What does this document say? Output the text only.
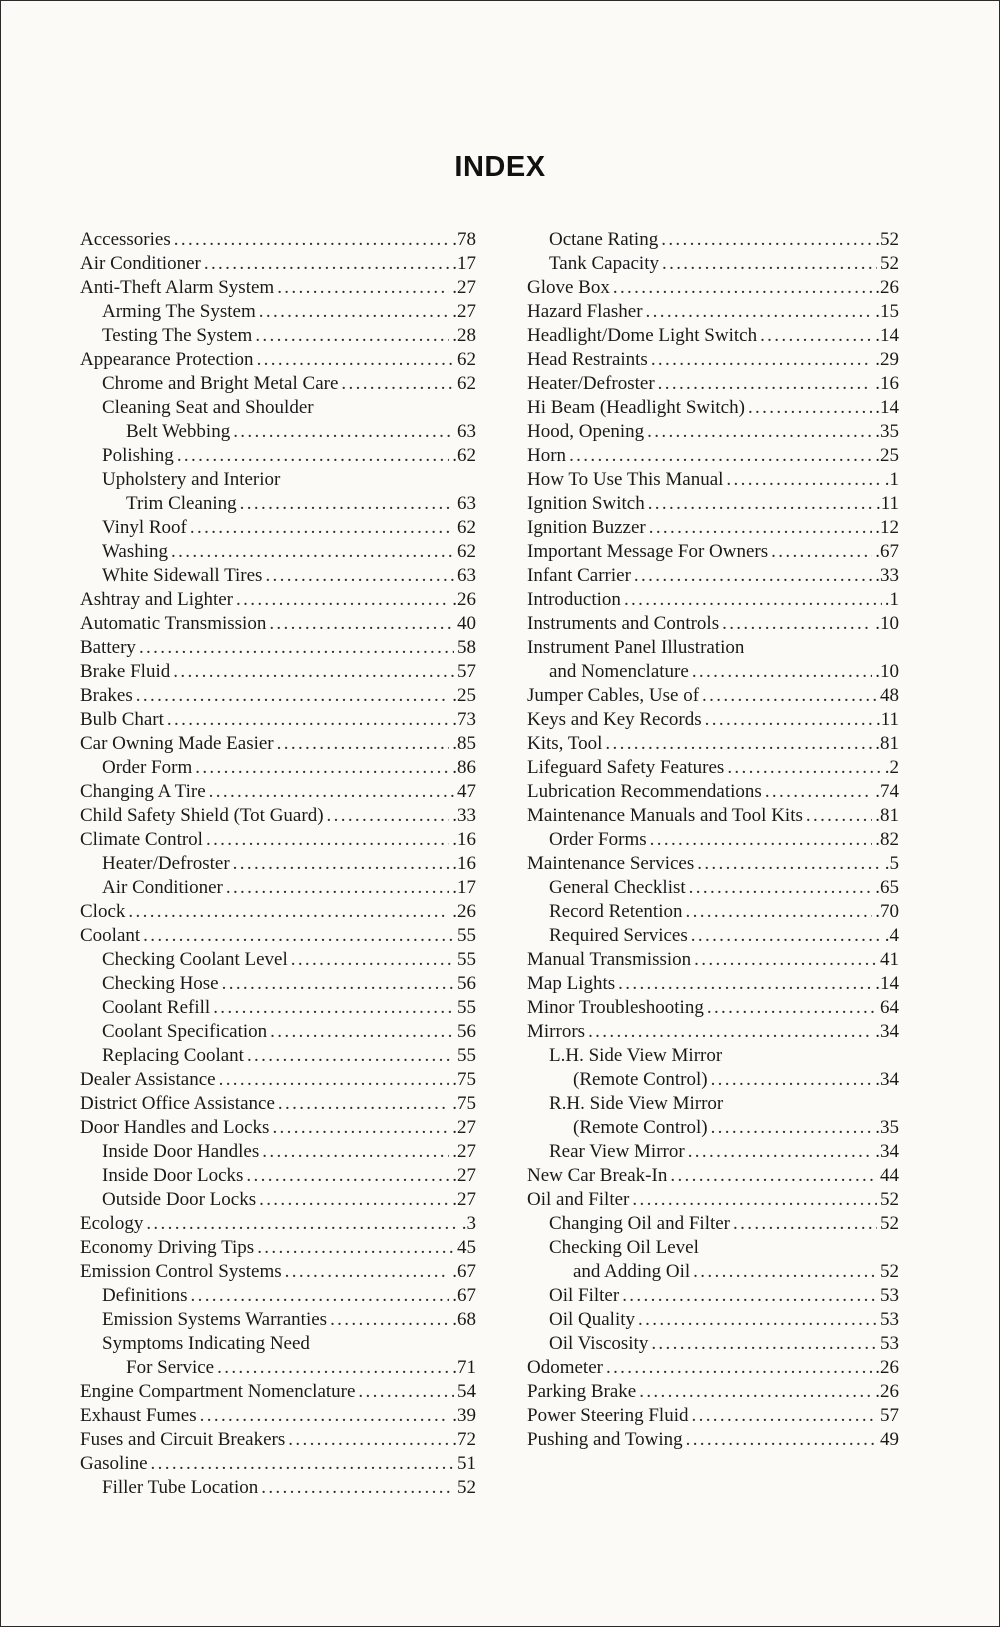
INDEX
Accessories . . .	.78
Air Conditioner . . .	.17
Anti-Theft Alarm System . . .	.27
Arming The System . . .	.27
Testing The System . . .	.28
Appearance Protection . . .	62
Chrome and Bright Metal Care . . .	62
Cleaning Seat and Shoulder
Belt Webbing . . .	63
Polishing . . .	.62
Upholstery and Interior
Trim Cleaning . . .	63
Vinyl Roof . . .	62
Washing . . .	62
White Sidewall Tires . . .	63
Ashtray and Lighter . . .	.26
Automatic Transmission . . .	40
Battery . . .	58
Brake Fluid . . .	57
Brakes . . .	.25
Bulb Chart . . .	.73
Car Owning Made Easier . . .	.85
Order Form . . .	.86
Changing A Tire . . .	47
Child Safety Shield (Tot Guard) . . .	.33
Climate Control . . .	.16
Heater/Defroster . . .	.16
Air Conditioner . . .	.17
Clock . . .	.26
Coolant . . .	55
Checking Coolant Level . . .	55
Checking Hose . . .	56
Coolant Refill . . .	55
Coolant Specification . . .	56
Replacing Coolant . . .	55
Dealer Assistance . . .	.75
District Office Assistance . . .	.75
Door Handles and Locks . . .	.27
Inside Door Handles . . .	.27
Inside Door Locks . . .	.27
Outside Door Locks . . .	.27
Ecology . . .	.3
Economy Driving Tips . . .	45
Emission Control Systems . . .	.67
Definitions . . .	.67
Emission Systems Warranties . . .	.68
Symptoms Indicating Need
For Service . . .	.71
Engine Compartment Nomenclature . . .	54
Exhaust Fumes . . .	.39
Fuses and Circuit Breakers . . .	.72
Gasoline . . .	51
Filler Tube Location . . .	52
Octane Rating . . .	.52
Tank Capacity . . .	52
Glove Box . . .	.26
Hazard Flasher . . .	.15
Headlight/Dome Light Switch . . .	.14
Head Restraints . . .	.29
Heater/Defroster . . .	.16
Hi Beam (Headlight Switch) . . .	.14
Hood, Opening . . .	.35
Horn . . .	.25
How To Use This Manual . . .	.1
Ignition Switch . . .	.11
Ignition Buzzer . . .	.12
Important Message For Owners . . .	.67
Infant Carrier . . .	.33
Introduction . . .	.1
Instruments and Controls . . .	.10
Instrument Panel Illustration
and Nomenclature . . .	.10
Jumper Cables, Use of . . .	48
Keys and Key Records . . .	.11
Kits, Tool . . .	.81
Lifeguard Safety Features . . .	.2
Lubrication Recommendations . . .	.74
Maintenance Manuals and Tool Kits . . .	.81
Order Forms . . .	.82
Maintenance Services . . .	.5
General Checklist . . .	.65
Record Retention . . .	.70
Required Services . . .	.4
Manual Transmission . . .	41
Map Lights . . .	.14
Minor Troubleshooting . . .	64
Mirrors . . .	.34
L.H. Side View Mirror
(Remote Control) . . .	.34
R.H. Side View Mirror
(Remote Control) . . .	.35
Rear View Mirror . . .	.34
New Car Break-In . . .	44
Oil and Filter . . .	52
Changing Oil and Filter . . .	52
Checking Oil Level
and Adding Oil . . .	52
Oil Filter . . .	53
Oil Quality . . .	53
Oil Viscosity . . .	53
Odometer . . .	.26
Parking Brake . . .	.26
Power Steering Fluid . . .	57
Pushing and Towing . . .	49
